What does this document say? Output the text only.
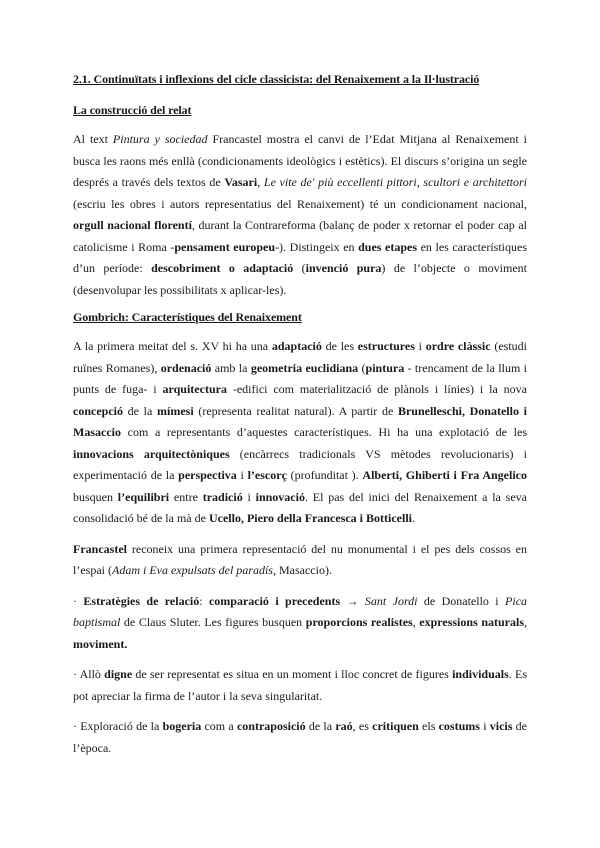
2.1. Continuïtats i inflexions del cicle classicista: del Renaixement a la Il·lustració
La construcció del relat

Al text Pintura y sociedad Francastel mostra el canvi de l’Edat Mitjana al Renaixement i busca les raons més enllà (condicionaments ideològics i estètics). El discurs s’origina un segle després a través dels textos de Vasari, Le vite de' più eccellenti pittori, scultori e architettori (escriu les obres i autors representatius del Renaixement) té un condicionament nacional, orgull nacional florentí, durant la Contrareforma (balanç de poder x retornar el poder cap al catolicisme i Roma -pensament europeu-). Distingeix en dues etapes en les característiques d’un període: descobriment o adaptació (invenció pura) de l’objecte o moviment (desenvolupar les possibilitats x aplicar-les).

Gombrich: Característiques del Renaixement

A la primera meitat del s. XV hi ha una adaptació de les estructures i ordre clàssic (estudi ruïnes Romanes), ordenació amb la geometria euclidiana (pintura - trencament de la llum i punts de fuga- i arquitectura -edifici com materialització de plànols i línies) i la nova concepció de la mímesi (representa realitat natural). A partir de Brunelleschi, Donatello i Masaccio com a representants d’aquestes característiques. Hi ha una explotació de les innovacions arquitectòniques (encàrrecs tradicionals VS mètodes revolucionaris) i experimentació de la perspectiva i l’escorç (profunditat ). Alberti, Ghiberti i Fra Angelico busquen l’equilibri entre tradició i innovació. El pas del inici del Renaixement a la seva consolidació bé de la mà de Ucello, Piero della Francesca i Botticelli.

Francastel reconeix una primera representació del nu monumental i el pes dels cossos en l’espai (Adam i Eva expulsats del paradís, Masaccio).

· Estratègies de relació: comparació i precedents → Sant Jordi de Donatello i Pica baptismal de Claus Sluter. Les figures busquen proporcions realistes, expressions naturals, moviment.

· Allò digne de ser representat es situa en un moment i lloc concret de figures individuals. Es pot apreciar la firma de l’autor i la seva singularitat.

· Exploració de la bogeria com a contraposició de la raó, es critiquen els costums i vicis de l’època.
